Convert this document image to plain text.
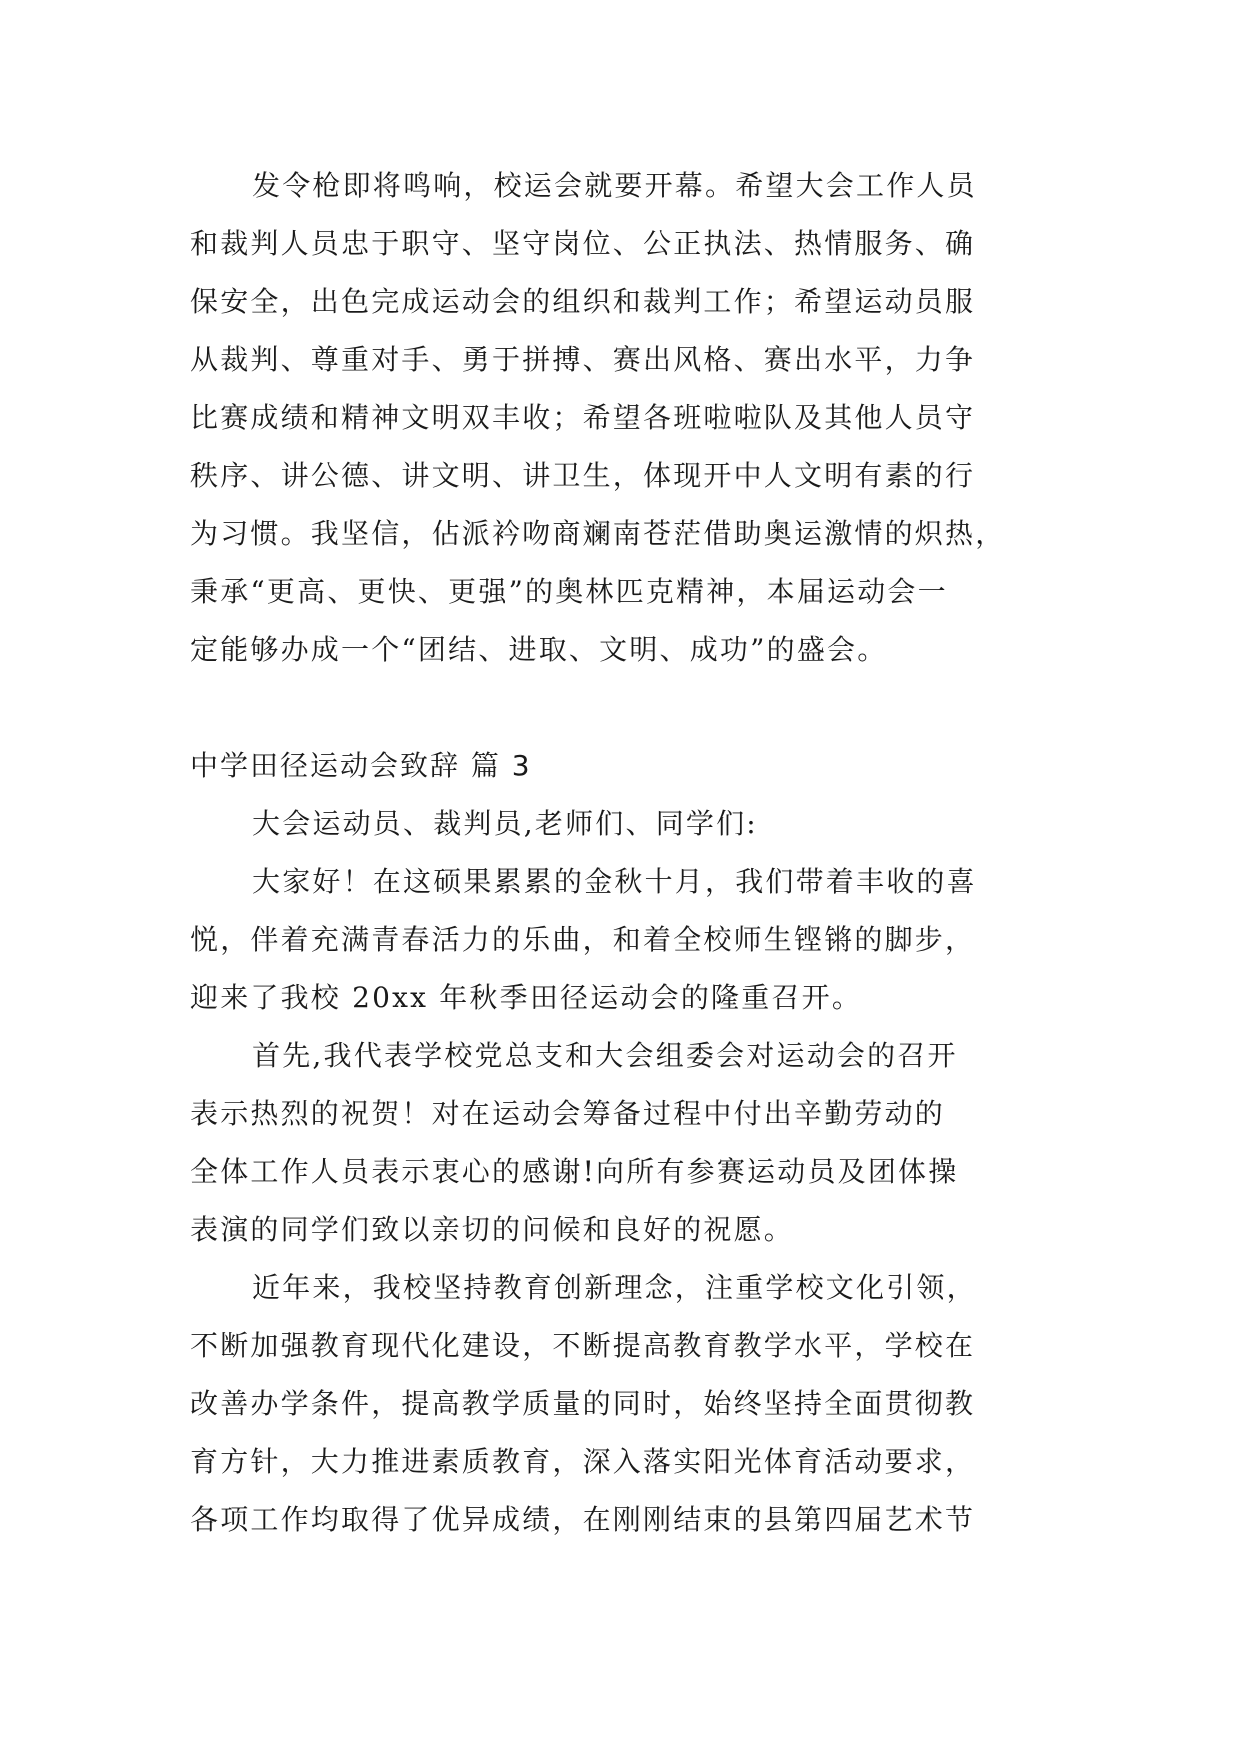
发令枪即将鸣响，校运会就要开幕。希望大会工作人员
和裁判人员忠于职守、坚守岗位、公正执法、热情服务、确
保安全，出色完成运动会的组织和裁判工作；希望运动员服
从裁判、尊重对手、勇于拼搏、赛出风格、赛出水平，力争
比赛成绩和精神文明双丰收；希望各班啦啦队及其他人员守
秩序、讲公德、讲文明、讲卫生，体现开中人文明有素的行
为习惯。我坚信，佔派衿吻商斓南苍茫借助奥运激情的炽热，
秉承“更高、更快、更强”的奥林匹克精神，本届运动会一
定能够办成一个“团结、进取、文明、成功”的盛会。
中学田径运动会致辞 篇 3
大会运动员、裁判员,老师们、同学们:
大家好！在这硕果累累的金秋十月，我们带着丰收的喜
悦，伴着充满青春活力的乐曲，和着全校师生铿锵的脚步，
迎来了我校 20xx 年秋季田径运动会的隆重召开。
首先,我代表学校党总支和大会组委会对运动会的召开
表示热烈的祝贺！对在运动会筹备过程中付出辛勤劳动的
全体工作人员表示衷心的感谢!向所有参赛运动员及团体操
表演的同学们致以亲切的问候和良好的祝愿。
近年来，我校坚持教育创新理念，注重学校文化引领，
不断加强教育现代化建设，不断提高教育教学水平，学校在
改善办学条件，提高教学质量的同时，始终坚持全面贯彻教
育方针，大力推进素质教育，深入落实阳光体育活动要求，
各项工作均取得了优异成绩，在刚刚结束的县第四届艺术节
